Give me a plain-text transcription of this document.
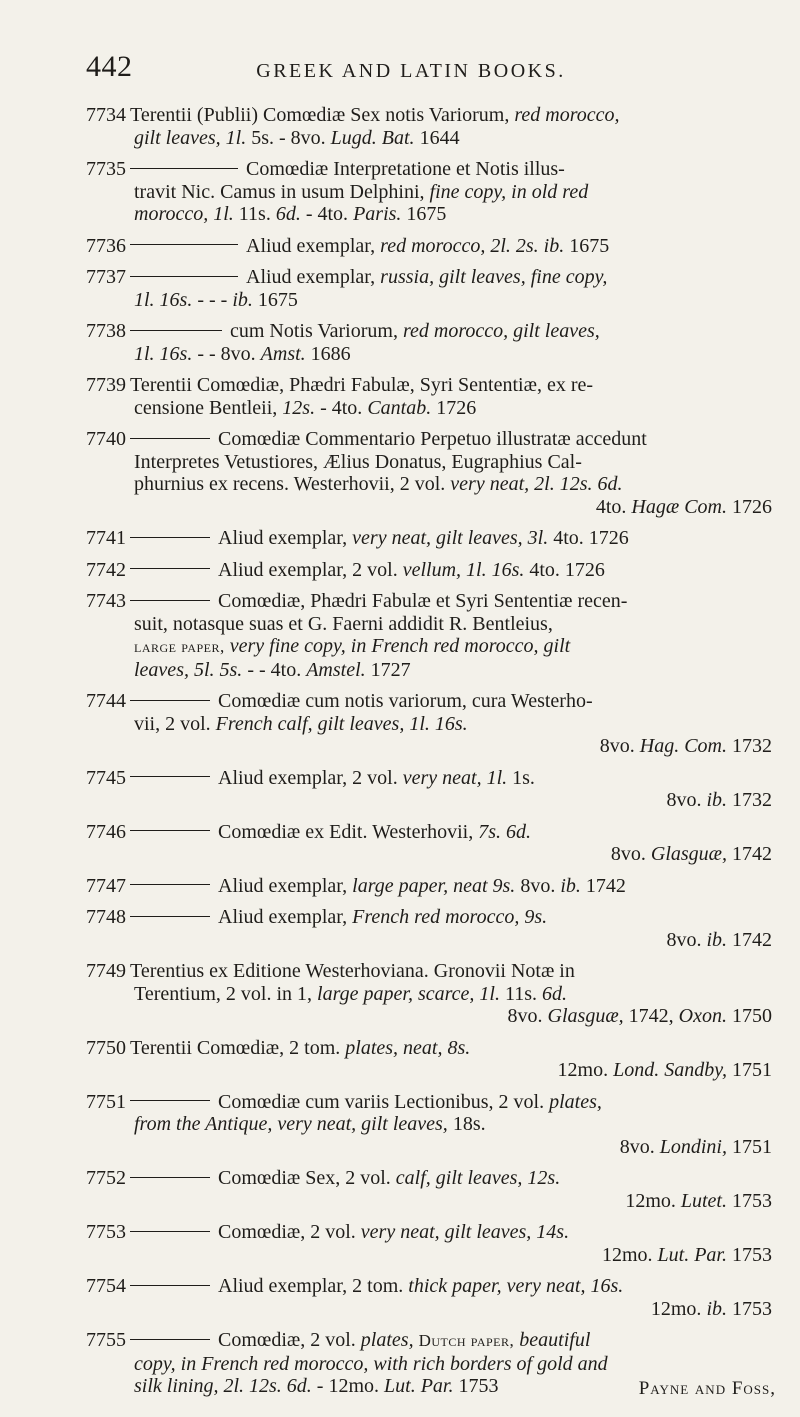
442	GREEK AND LATIN BOOKS.
7734 Terentii (Publii) Comœdiæ Sex notis Variorum, red morocco,
gilt leaves, 1l. 5s. - 8vo. Lugd. Bat. 1644
7735	Comœdiæ Interpretatione et Notis illus-
travit Nic. Camus in usum Delphini, fine copy, in old red
morocco, 1l. 11s. 6d. - 4to. Paris. 1675
7736	Aliud exemplar, red morocco, 2l. 2s. ib. 1675
7737	Aliud exemplar, russia, gilt leaves, fine copy,
1l. 16s. - - - ib. 1675
7738	cum Notis Variorum, red morocco, gilt leaves,
1l. 16s. - - 8vo. Amst. 1686
7739 Terentii Comœdiæ, Phædri Fabulæ, Syri Sententiæ, ex re-
censione Bentleii, 12s. - 4to. Cantab. 1726
7740	Comœdiæ Commentario Perpetuo illustratæ accedunt
Interpretes Vetustiores, Ælius Donatus, Eugraphius Cal-
phurnius ex recens. Westerhovii, 2 vol. very neat, 2l. 12s. 6d.
4to. Hagæ Com. 1726
7741	Aliud exemplar, very neat, gilt leaves, 3l. 4to. 1726
7742	Aliud exemplar, 2 vol. vellum, 1l. 16s. 4to. 1726
7743	Comœdiæ, Phædri Fabulæ et Syri Sententiæ recen-
suit, notasque suas et G. Faerni addidit R. Bentleius,
large paper, very fine copy, in French red morocco, gilt
leaves, 5l. 5s. - - 4to. Amstel. 1727
7744	Comœdiæ cum notis variorum, cura Westerho-
vii, 2 vol. French calf, gilt leaves, 1l. 16s.
8vo. Hag. Com. 1732
7745	Aliud exemplar, 2 vol. very neat, 1l. 1s.
8vo. ib. 1732
7746	Comœdiæ ex Edit. Westerhovii, 7s. 6d.
8vo. Glasguæ, 1742
7747	Aliud exemplar, large paper, neat 9s. 8vo. ib. 1742
7748	Aliud exemplar, French red morocco, 9s.
8vo. ib. 1742
7749 Terentius ex Editione Westerhoviana. Gronovii Notæ in
Terentium, 2 vol. in 1, large paper, scarce, 1l. 11s. 6d.
8vo. Glasguæ, 1742, Oxon. 1750
7750 Terentii Comœdiæ, 2 tom. plates, neat, 8s.
12mo. Lond. Sandby, 1751
7751	Comœdiæ cum variis Lectionibus, 2 vol. plates,
from the Antique, very neat, gilt leaves, 18s.
8vo. Londini, 1751
7752	Comœdiæ Sex, 2 vol. calf, gilt leaves, 12s.
12mo. Lutet. 1753
7753	Comœdiæ, 2 vol. very neat, gilt leaves, 14s.
12mo. Lut. Par. 1753
7754	Aliud exemplar, 2 tom. thick paper, very neat, 16s.
12mo. ib. 1753
7755	Comœdiæ, 2 vol. plates, Dutch paper, beautiful
copy, in French red morocco, with rich borders of gold and
silk lining, 2l. 12s. 6d. - 12mo. Lut. Par. 1753	Payne and Foss,
